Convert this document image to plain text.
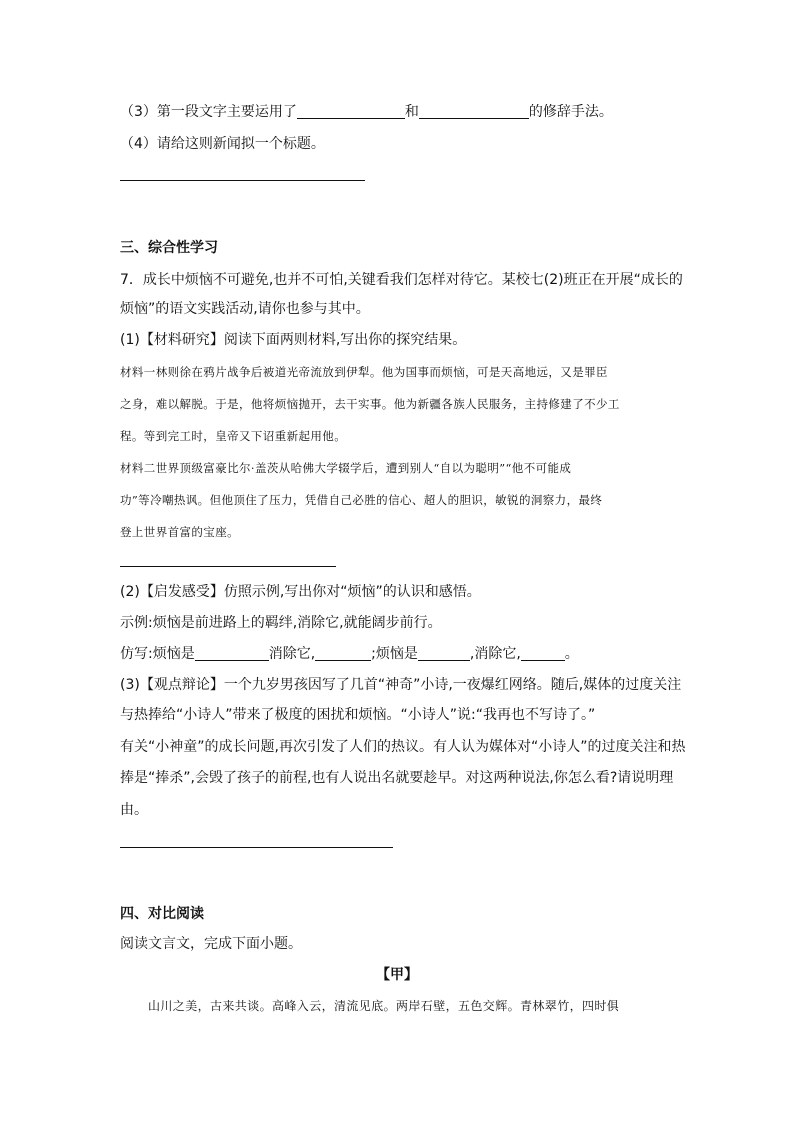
（3）第一段文字主要运用了	和	的修辞手法。
（4）请给这则新闻拟一个标题。
三、综合性学习
7．成长中烦恼不可避免,也并不可怕,关键看我们怎样对待它。某校七(2)班正在开展“成长的
烦恼”的语文实践活动,请你也参与其中。
(1)【材料研究】阅读下面两则材料,写出你的探究结果。
材料一林则徐在鸦片战争后被道光帝流放到伊犁。他为国事而烦恼，可是天高地远，又是罪臣
之身，难以解脱。于是，他将烦恼抛开，去干实事。他为新疆各族人民服务，主持修建了不少工
程。等到完工时，皇帝又下诏重新起用他。
材料二世界顶级富豪比尔·盖茨从哈佛大学辍学后，遭到别人“自以为聪明”“他不可能成
功”等冷嘲热讽。但他顶住了压力，凭借自己必胜的信心、超人的胆识，敏锐的洞察力，最终
登上世界首富的宝座。
(2)【启发感受】仿照示例,写出你对“烦恼”的认识和感悟。
示例:烦恼是前进路上的羁绊,消除它,就能阔步前行。
仿写:烦恼是	消除它,	;烦恼是	,消除它,	。
(3)【观点辩论】一个九岁男孩因写了几首“神奇”小诗,一夜爆红网络。随后,媒体的过度关注
与热捧给“小诗人”带来了极度的困扰和烦恼。“小诗人”说:“我再也不写诗了。”
有关“小神童”的成长问题,再次引发了人们的热议。有人认为媒体对“小诗人”的过度关注和热
捧是“捧杀”,会毁了孩子的前程,也有人说出名就要趁早。对这两种说法,你怎么看?请说明理
由。
四、对比阅读
阅读文言文，完成下面小题。
【甲】
山川之美，古来共谈。高峰入云，清流见底。两岸石壁，五色交辉。青林翠竹，四时俱
